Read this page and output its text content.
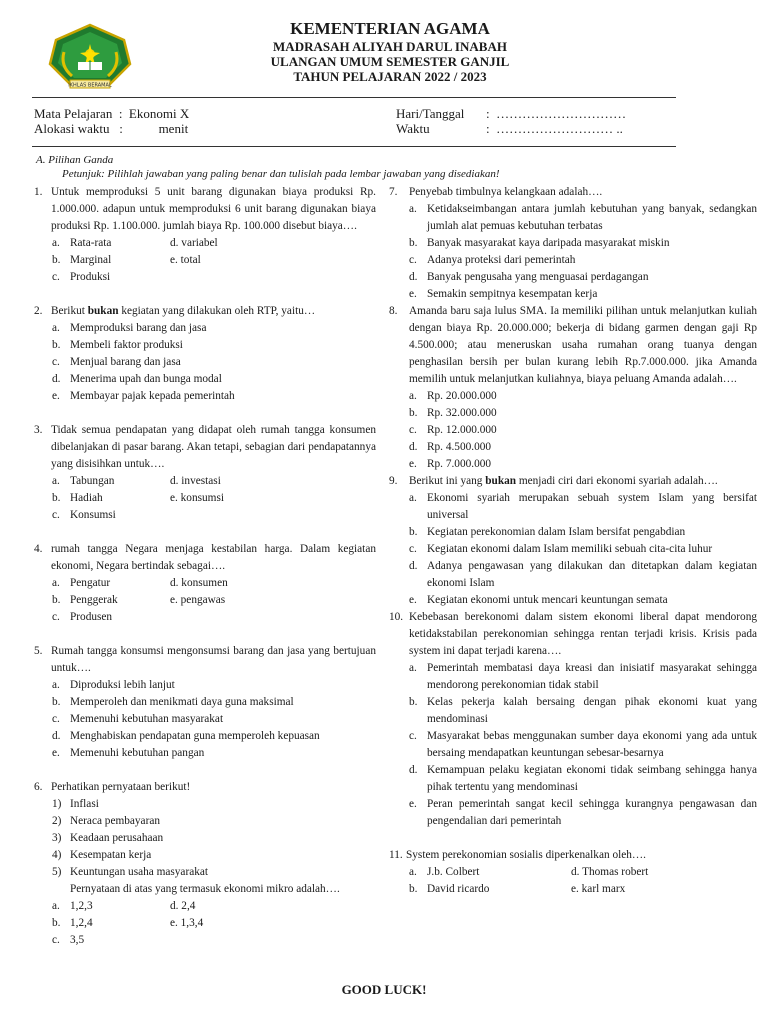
IKHLAS BERAMAL
KEMENTERIAN AGAMA
MADRASAH ALIYAH DARUL INABAH
ULANGAN UMUM SEMESTER GANJIL
TAHUN PELAJARAN 2022 / 2023
Mata Pelajaran  :  Ekonomi X
Alokasi waktu   :           menit
Hari/Tanggal :  …………………………
Waktu	:  ……………………… ..
A. Pilihan Ganda
Petunjuk: Pilihlah jawaban yang paling benar dan tulislah pada lembar jawaban yang disediakan!
1. Untuk memproduksi 5 unit barang digunakan biaya produksi Rp. 1.000.000. adapun untuk memproduksi 6 unit barang digunakan biaya produksi Rp. 1.100.000. jumlah biaya Rp. 100.000 disebut biaya….
a. Rata-rata	d. variabel
b. Marginal	e. total
c. Produksi
2. Berikut bukan kegiatan yang dilakukan oleh RTP, yaitu…
a. Memproduksi barang dan jasa
b. Membeli faktor produksi
c. Menjual barang dan jasa
d. Menerima upah dan bunga modal
e. Membayar pajak kepada pemerintah
3. Tidak semua pendapatan yang didapat oleh rumah tangga konsumen dibelanjakan di pasar barang. Akan tetapi, sebagian dari pendapatannya yang disisihkan untuk….
a. Tabungan	d. investasi
b. Hadiah	e. konsumsi
c. Konsumsi
4. rumah tangga Negara menjaga kestabilan harga. Dalam kegiatan ekonomi, Negara bertindak sebagai….
a. Pengatur	d. konsumen
b. Penggerak	e. pengawas
c. Produsen
5. Rumah tangga konsumsi mengonsumsi barang dan jasa yang bertujuan untuk….
a. Diproduksi lebih lanjut
b. Memperoleh dan menikmati daya guna maksimal
c. Memenuhi kebutuhan masyarakat
d. Menghabiskan pendapatan guna memperoleh kepuasan
e. Memenuhi kebutuhan pangan
6. Perhatikan pernyataan berikut!
1) Inflasi
2) Neraca pembayaran
3) Keadaan perusahaan
4) Kesempatan kerja
5) Keuntungan usaha masyarakat
Pernyataan di atas yang termasuk ekonomi mikro adalah….
a. 1,2,3	d. 2,4
b. 1,2,4	e. 1,3,4
c. 3,5
7.	Penyebab timbulnya kelangkaan adalah….
a. Ketidakseimbangan antara jumlah kebutuhan yang banyak, sedangkan jumlah alat pemuas kebutuhan terbatas
b. Banyak masyarakat kaya daripada masyarakat miskin
c. Adanya proteksi dari pemerintah
d. Banyak pengusaha yang menguasai perdagangan
e. Semakin sempitnya kesempatan kerja
8.	Amanda baru saja lulus SMA. Ia memiliki pilihan untuk melanjutkan kuliah dengan biaya Rp. 20.000.000; bekerja di bidang garmen dengan gaji Rp 4.500.000; atau meneruskan usaha rumahan orang tuanya dengan penghasilan bersih per bulan kurang lebih Rp.7.000.000. jika Amanda memilih untuk melanjutkan kuliahnya, biaya peluang Amanda adalah….
a. Rp. 20.000.000
b. Rp. 32.000.000
c. Rp. 12.000.000
d. Rp. 4.500.000
e. Rp. 7.000.000
9.	Berikut ini yang bukan menjadi ciri dari ekonomi syariah adalah….
a. Ekonomi syariah merupakan sebuah system Islam yang bersifat universal
b. Kegiatan perekonomian dalam Islam bersifat pengabdian
c. Kegiatan ekonomi dalam Islam memiliki sebuah cita-cita luhur
d. Adanya pengawasan yang dilakukan dan ditetapkan dalam kegiatan ekonomi Islam
e. Kegiatan ekonomi untuk mencari keuntungan semata
10. Kebebasan berekonomi dalam sistem ekonomi liberal dapat mendorong ketidakstabilan perekonomian sehingga rentan terjadi krisis. Krisis pada system ini dapat terjadi karena….
a. Pemerintah membatasi daya kreasi dan inisiatif masyarakat sehingga mendorong perekonomian tidak stabil
b. Kelas pekerja kalah bersaing dengan pihak ekonomi kuat yang mendominasi
c. Masyarakat bebas menggunakan sumber daya ekonomi yang ada untuk bersaing mendapatkan keuntungan sebesar-besarnya
d. Kemampuan pelaku kegiatan ekonomi tidak seimbang sehingga hanya pihak tertentu yang mendominasi
e. Peran pemerintah sangat kecil sehingga kurangnya pengawasan dan pengendalian dari pemerintah
11. System perekonomian sosialis diperkenalkan oleh….
a. J.b. Colbert	d. Thomas robert
b. David ricardo	e. karl marx
GOOD LUCK!
